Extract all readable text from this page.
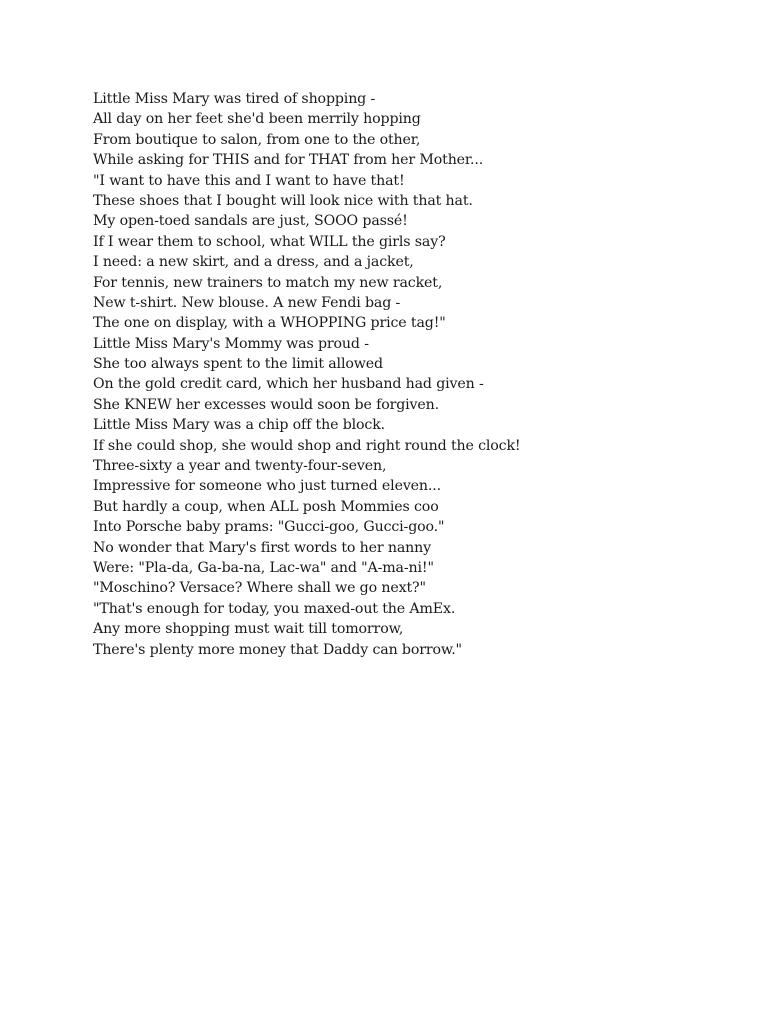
Little Miss Mary was tired of shopping -
All day on her feet she'd been merrily hopping
From boutique to salon, from one to the other,
While asking for THIS and for THAT from her Mother...
"I want to have this and I want to have that!
These shoes that I bought will look nice with that hat.
My open-toed sandals are just, SOOO passé!
If I wear them to school, what WILL the girls say?
I need: a new skirt, and a dress, and a jacket,
For tennis, new trainers to match my new racket,
New t-shirt. New blouse. A new Fendi bag -
The one on display, with a WHOPPING price tag!"
Little Miss Mary's Mommy was proud -
She too always spent to the limit allowed
On the gold credit card, which her husband had given -
She KNEW her excesses would soon be forgiven.
Little Miss Mary was a chip off the block.
If she could shop, she would shop and right round the clock!
Three-sixty a year and twenty-four-seven,
Impressive for someone who just turned eleven...
But hardly a coup, when ALL posh Mommies coo
Into Porsche baby prams: "Gucci-goo, Gucci-goo."
No wonder that Mary's first words to her nanny
Were: "Pla-da, Ga-ba-na, Lac-wa" and "A-ma-ni!"
"Moschino? Versace? Where shall we go next?"
"That's enough for today, you maxed-out the AmEx.
Any more shopping must wait till tomorrow,
There's plenty more money that Daddy can borrow."
